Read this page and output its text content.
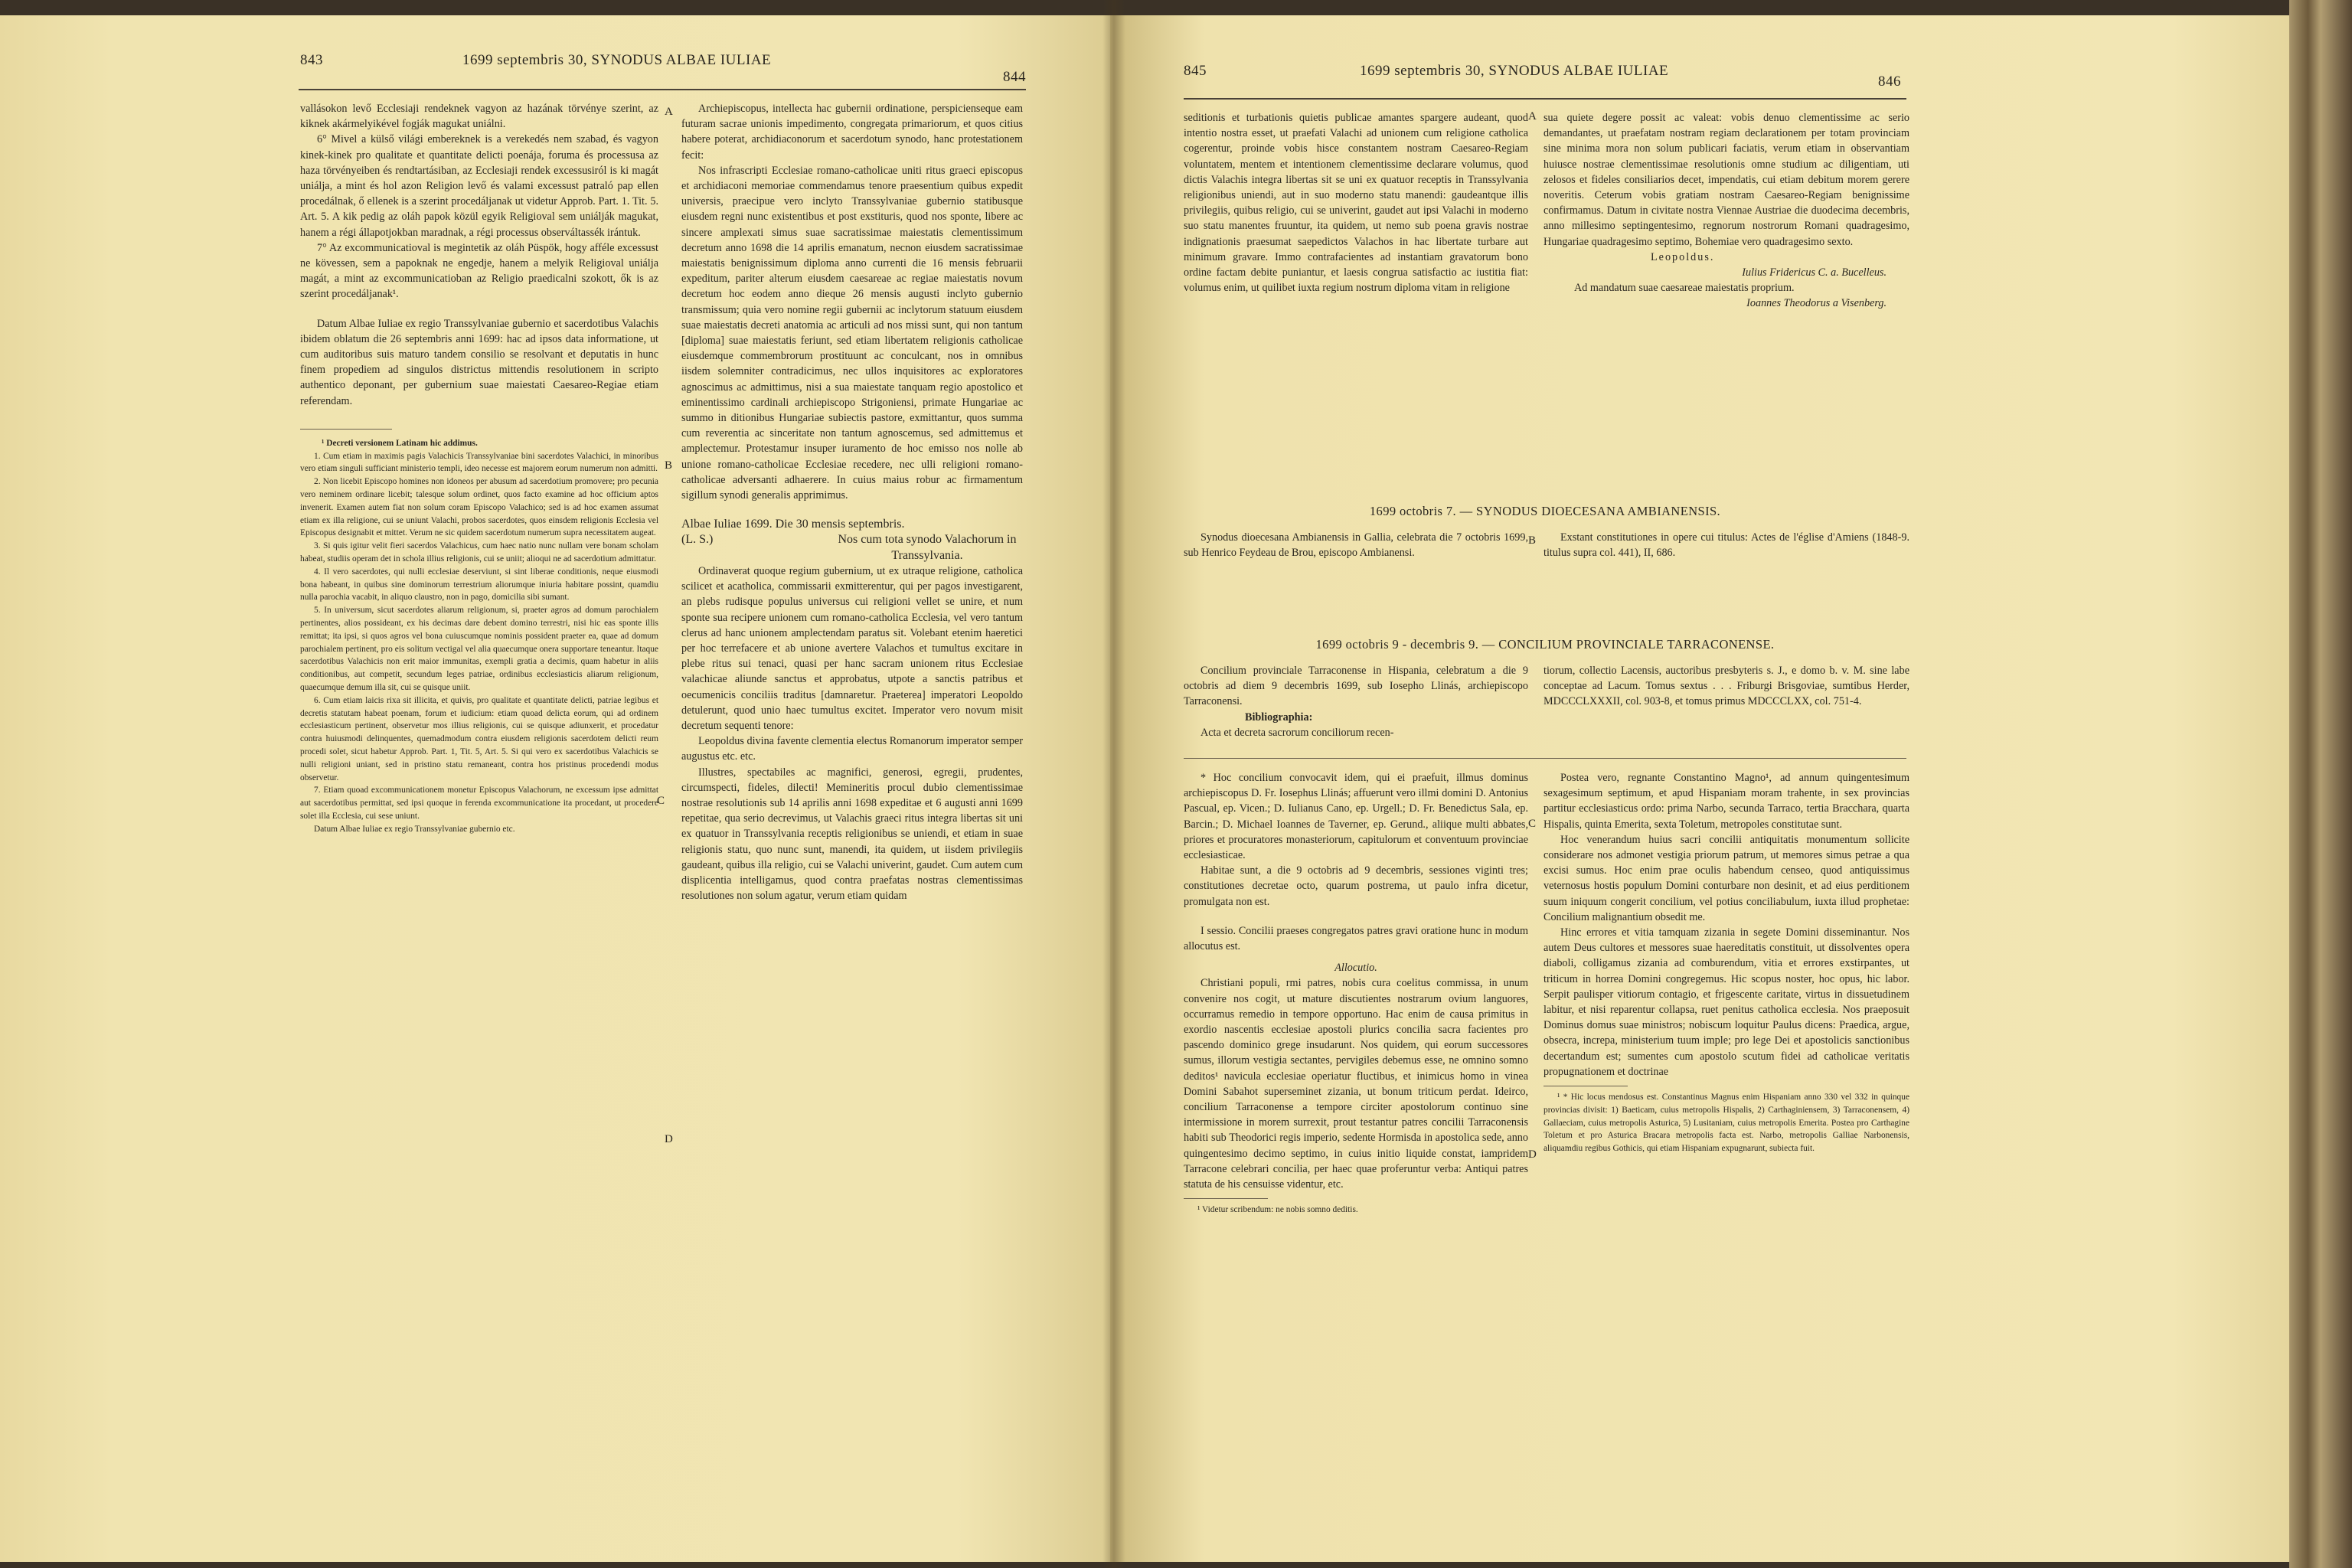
843	1699 septembris 30, SYNODUS ALBAE IULIAE
844

vallásokon levő Ecclesiaji rendeknek vagyon az hazának törvénye szerint, az kiknek akármelyikével fogják magukat uniálni.

6° Mivel a külső világi embereknek is a verekedés nem szabad, és vagyon kinek-kinek pro qualitate et quantitate delicti poenája, foruma és processusa az haza törvényeiben és rendtartásiban, az Ecclesiaji rendek excessusiról is ki magát uniálja, a mint és hol azon Religion levő és valami excessust patraló pap ellen procedálnak, ő ellenek is a szerint procedáljanak ut videtur Approb. Part. 1. Tit. 5. Art. 5. A kik pedig az oláh papok közül egyik Religioval sem uniálják magukat, hanem a régi állapotjokban maradnak, a régi processus observáltassék irántuk.

7° Az excommunicatioval is megintetik az oláh Püspök, hogy afféle excessust ne kövessen, sem a papoknak ne engedje, hanem a melyik Religioval uniálja magát, a mint az excommunicatioban az Religio praedicalni szokott, ők is az szerint procedáljanak¹.

Datum Albae Iuliae ex regio Transsylvaniae gubernio et sacerdotibus Valachis ibidem oblatum die 26 septembris anni 1699: hac ad ipsos data informatione, ut cum auditoribus suis maturo tandem consilio se resolvant et deputatis in hunc finem propediem ad singulos districtus mittendis resolutionem in scripto authentico deponant, per gubernium suae maiestati Caesareo-Regiae etiam referendam.

¹ Decreti versionem Latinam hic addimus.

1. Cum etiam in maximis pagis Valachicis Transsylvaniae bini sacerdotes Valachici, in minoribus vero etiam singuli sufficiant ministerio templi, ideo necesse est majorem eorum numerum non admitti.

2. Non licebit Episcopo homines non idoneos per abusum ad sacerdotium promovere; pro pecunia vero neminem ordinare licebit; talesque solum ordinet, quos facto examine ad hoc officium aptos invenerit. Examen autem fiat non solum coram Episcopo Valachico; sed is ad hoc examen assumat etiam ex illa religione, cui se uniunt Valachi, probos sacerdotes, quos einsdem religionis Ecclesia vel Episcopus designabit et mittet. Verum ne sic quidem sacerdotum numerum supra necessitatem augeat.

3. Si quis igitur velit fieri sacerdos Valachicus, cum haec natio nunc nullam vere bonam scholam habeat, studiis operam det in schola illius religionis, cui se uniit; alioqui ne ad sacerdotium admittatur.

4. Il vero sacerdotes, qui nulli ecclesiae deserviunt, si sint liberae conditionis, neque eiusmodi bona habeant, in quibus sine dominorum terrestrium aliorumque iniuria habitare possint, quamdiu nulla parochia vacabit, in aliquo claustro, non in pago, domicilia sibi sumant.

5. In universum, sicut sacerdotes aliarum religionum, si, praeter agros ad domum parochialem pertinentes, alios possideant, ex his decimas dare debent domino terrestri, nisi hic eas sponte illis remittat; ita ipsi, si quos agros vel bona cuiuscumque nominis possident praeter ea, quae ad domum parochialem pertinent, pro eis solitum vectigal vel alia quaecumque onera supportare teneantur. Itaque sacerdotibus Valachicis non erit maior immunitas, exempli gratia a decimis, quam habetur in aliis conditionibus, aut competit, secundum leges patriae, ordinibus ecclesiasticis aliarum religionum, quaecumque demum illa sit, cui se quisque uniit.

6. Cum etiam laicis rixa sit illicita, et quivis, pro qualitate et quantitate delicti, patriae legibus et decretis statutam habeat poenam, forum et iudicium: etiam quoad delicta eorum, qui ad ordinem ecclesiasticum pertinent, observetur mos illius religionis, cui se quisque adiunxerit, et procedatur contra huiusmodi delinquentes, quemadmodum contra eiusdem religionis sacerdotem delicti reum procedi solet, sicut habetur Approb. Part. 1, Tit. 5, Art. 5. Si qui vero ex sacerdotibus Valachicis se nulli religioni uniant, sed in pristino statu remaneant, contra hos pristinus procedendi modus observetur.

7. Etiam quoad excommunicationem monetur Episcopus Valachorum, ne excessum ipse admittat aut sacerdotibus permittat, sed ipsi quoque in ferenda excommunicatione ita procedant, ut procedere solet illa Ecclesia, cui sese uniunt.

Datum Albae Iuliae ex regio Transsylvaniae gubernio etc.

A
B
C
D

Archiepiscopus, intellecta hac gubernii ordinatione, perspicienseque eam futuram sacrae unionis impedimento, congregata primariorum, et quos citius habere poterat, archidiaconorum et sacerdotum synodo, hanc protestationem fecit:

Nos infrascripti Ecclesiae romano-catholicae uniti ritus graeci episcopus et archidiaconi memoriae commendamus tenore praesentium quibus expedit universis, praecipue vero inclyto Transsylvaniae gubernio statibusque eiusdem regni nunc existentibus et post exstituris, quod nos sponte, libere ac sincere amplexati simus suae sacratissimae maiestatis clementissimum decretum anno 1698 die 14 aprilis emanatum, necnon eiusdem sacratissimae maiestatis benignissimum diploma anno currenti die 16 mensis februarii expeditum, pariter alterum eiusdem caesareae ac regiae maiestatis novum decretum hoc eodem anno dieque 26 mensis augusti inclyto gubernio transmissum; quia vero nomine regii gubernii ac inclytorum statuum eiusdem suae maiestatis decreti anatomia ac articuli ad nos missi sunt, qui non tantum [diploma] suae maiestatis feriunt, sed etiam libertatem religionis catholicae eiusdemque commembrorum prostituunt ac conculcant, nos in omnibus iisdem solemniter contradicimus, nec ullos inquisitores ac exploratores agnoscimus ac admittimus, nisi a sua maiestate tanquam regio apostolico et eminentissimo cardinali archiepiscopo Strigoniensi, primate Hungariae ac summo in ditionibus Hungariae subiectis pastore, exmittantur, quos summa cum reverentia ac sinceritate non tantum agnoscemus, sed admittemus et amplectemur. Protestamur insuper iuramento de hoc emisso nos nolle ab unione romano-catholicae Ecclesiae recedere, nec ulli religioni romano-catholicae adversanti adhaerere. In cuius maius robur ac firmamentum sigillum synodi generalis apprimimus.

Albae Iuliae 1699. Die 30 mensis septembris.

(L. S.)	Nos cum tota synodo Valachorum in Transsylvania.

Ordinaverat quoque regium gubernium, ut ex utraque religione, catholica scilicet et acatholica, commissarii exmitterentur, qui per pagos investigarent, an plebs rudisque populus universus cui religioni vellet se unire, et num sponte sua recipere unionem cum romano-catholica Ecclesia, vel vero tantum clerus ad hanc unionem amplectendam paratus sit. Volebant etenim haeretici per hoc terrefacere et ab unione avertere Valachos et tumultus excitare in plebe ritus sui tenaci, quasi per hanc sacram unionem ritus Ecclesiae valachicae aliunde sanctus et approbatus, utpote a sanctis patribus et oecumenicis conciliis traditus [damnaretur. Praeterea] imperatori Leopoldo detulerunt, quod unio haec tumultus excitet. Imperator vero novum misit decretum sequenti tenore:

Leopoldus divina favente clementia electus Romanorum imperator semper augustus etc. etc.

Illustres, spectabiles ac magnifici, generosi, egregii, prudentes, circumspecti, fideles, dilecti! Memineritis procul dubio clementissimae nostrae resolutionis sub 14 aprilis anni 1698 expeditae et 6 augusti anni 1699 repetitae, qua serio decrevimus, ut Valachis graeci ritus integra libertas sit uni ex quatuor in Transsylvania receptis religionibus se uniendi, et etiam in suae religionis statu, quo nunc sunt, manendi, ita quidem, ut iisdem privilegiis gaudeant, quibus illa religio, cui se Valachi univerint, gaudet. Cum autem cum displicentia intelligamus, quod contra praefatas nostras clementissimas resolutiones non solum agatur, verum etiam quidam

845	1699 septembris 30, SYNODUS ALBAE IULIAE
846

seditionis et turbationis quietis publicae amantes spargere audeant, quod intentio nostra esset, ut praefati Valachi ad unionem cum religione catholica cogerentur, proinde vobis hisce constantem nostram Caesareo-Regiam voluntatem, mentem et intentionem clementissime declarare volumus, quod dictis Valachis integra libertas sit se uni ex quatuor receptis in Transsylvania religionibus uniendi, aut in suo moderno statu manendi: gaudeantque illis privilegiis, quibus religio, cui se univerint, gaudet aut ipsi Valachi in moderno suo statu manentes fruuntur, ita quidem, ut nemo sub poena gravis nostrae indignationis praesumat saepedictos Valachos in hac libertate turbare aut minimum gravare. Immo contrafacientes ad instantiam gravatorum bono ordine factam debite puniantur, et laesis congrua satisfactio ac iustitia fiat: volumus enim, ut quilibet iuxta regium nostrum diploma vitam in religione

A sua quiete degere possit ac valeat: vobis denuo clementissime ac serio demandantes, ut praefatam nostram regiam declarationem per totam provinciam sine minima mora non solum publicari faciatis, verum etiam in observantiam huiusce nostrae clementissimae resolutionis omne studium ac diligentiam, uti zelosos et fideles consiliarios decet, impendatis, cui etiam debitum morem gerere noveritis. Ceterum vobis gratiam nostram Caesareo-Regiam benignissime confirmamus. Datum in civitate nostra Viennae Austriae die duodecima decembris, anno millesimo septingentesimo, regnorum nostrorum Romani quadragesimo, Hungariae quadragesimo septimo, Bohemiae vero quadragesimo sexto.

Leopoldus.

Iulius Fridericus C. a. Bucelleus.

Ad mandatum suae caesareae maiestatis proprium.

Ioannes Theodorus a Visenberg.

1699 octobris 7. — SYNODUS DIOECESANA AMBIANENSIS.

Synodus dioecesana Ambianensis in Gallia, celebrata die 7 octobris 1699, sub Henrico Feydeau de Brou, episcopo Ambianensi.

B	Exstant constitutiones in opere cui titulus: Actes de l'église d'Amiens (1848-9. titulus supra col. 441), II, 686.

1699 octobris 9 - decembris 9. — CONCILIUM PROVINCIALE TARRACONENSE.

Concilium provinciale Tarraconense in Hispania, celebratum a die 9 octobris ad diem 9 decembris 1699, sub Iosepho Llinás, archiepiscopo Tarraconensi.

Bibliographia:

Acta et decreta sacrorum conciliorum recen-

tiorum, collectio Lacensis, auctoribus presbyteris s. J., e domo b. v. M. sine labe conceptae ad Lacum. Tomus sextus . . . Friburgi Brisgoviae, sumtibus Herder, MDCCCLXXXII, col. 903-8, et tomus primus MDCCCLXX, col. 751-4.

* Hoc concilium convocavit idem, qui ei praefuit, illmus dominus archiepiscopus D. Fr. Iosephus Llinás; affuerunt vero illmi domini D. Antonius Pascual, ep. Vicen.; D. Iulianus Cano, ep. Urgell.; D. Fr. Benedictus Sala, ep. Barcin.; D. Michael Ioannes de Taverner, ep. Gerund., aliique multi abbates, priores et procuratores monasteriorum, capitulorum et conventuum provinciae ecclesiasticae.

Habitae sunt, a die 9 octobris ad 9 decembris, sessiones viginti tres; constitutiones decretae octo, quarum postrema, ut paulo infra dicetur, promulgata non est.

I sessio. Concilii praeses congregatos patres gravi oratione hunc in modum allocutus est.

Allocutio.

Christiani populi, rmi patres, nobis cura coelitus commissa, in unum convenire nos cogit, ut mature discutientes nostrarum ovium languores, occurramus remedio in tempore opportuno. Hac enim de causa primitus in exordio nascentis ecclesiae apostoli plurics concilia sacra facientes pro pascendo dominico grege insudarunt. Nos quidem, qui eorum successores sumus, illorum vestigia sectantes, pervigiles debemus esse, ne omnino somno deditos¹ navicula ecclesiae operiatur fluctibus, et inimicus homo in vinea Domini Sabahot superseminet zizania, ut bonum triticum perdat. Ideirco, concilium Tarraconense a tempore circiter apostolorum continuo sine intermissione in morem surrexit, prout testantur patres concilii Tarraconensis habiti sub Theodorici regis imperio, sedente Hormisda in apostolica sede, anno quingentesimo decimo septimo, in cuius initio liquide constat, iampridem Tarracone celebrari concilia, per haec quae proferuntur verba: Antiqui patres statuta de his censuisse videntur, etc.

¹ Videtur scribendum: ne nobis somno deditis.

C
D

Postea vero, regnante Constantino Magno¹, ad annum quingentesimum sexagesimum septimum, et apud Hispaniam moram trahente, in sex provincias partitur ecclesiasticus ordo: prima Narbo, secunda Tarraco, tertia Bracchara, quarta Hispalis, quinta Emerita, sexta Toletum, metropoles constitutae sunt.

Hoc venerandum huius sacri concilii antiquitatis monumentum sollicite considerare nos admonet vestigia priorum patrum, ut memores simus petrae a qua excisi sumus. Hoc enim prae oculis habendum censeo, quod antiquissimus veternosus hostis populum Domini conturbare non desinit, et ad eius perditionem suum iniquum congerit concilium, vel potius conciliabulum, iuxta illud prophetae: Concilium malignantium obsedit me.

Hinc errores et vitia tamquam zizania in segete Domini disseminantur. Nos autem Deus cultores et messores suae haereditatis constituit, ut dissolventes opera diaboli, colligamus zizania ad comburendum, vitia et errores exstirpantes, ut triticum in horrea Domini congregemus. Hic scopus noster, hoc opus, hic labor. Serpit paulisper vitiorum contagio, et frigescente caritate, virtus in dissuetudinem labitur, et nisi reparentur collapsa, ruet penitus catholica ecclesia. Nos praeposuit Dominus domus suae ministros; nobiscum loquitur Paulus dicens: Praedica, argue, obsecra, increpa, ministerium tuum imple; pro lege Dei et apostolicis sanctionibus decertandum est; sumentes cum apostolo scutum fidei ad catholicae veritatis propugnationem et doctrinae

¹ * Hic locus mendosus est. Constantinus Magnus enim Hispaniam anno 330 vel 332 in quinque provincias divisit: 1) Baeticam, cuius metropolis Hispalis, 2) Carthaginiensem, 3) Tarraconensem, 4) Gallaeciam, cuius metropolis Asturica, 5) Lusitaniam, cuius metropolis Emerita. Postea pro Carthagine Toletum et pro Asturica Bracara metropolis facta est. Narbo, metropolis Galliae Narbonensis, aliquamdiu regibus Gothicis, qui etiam Hispaniam expugnarunt, subiecta fuit.
